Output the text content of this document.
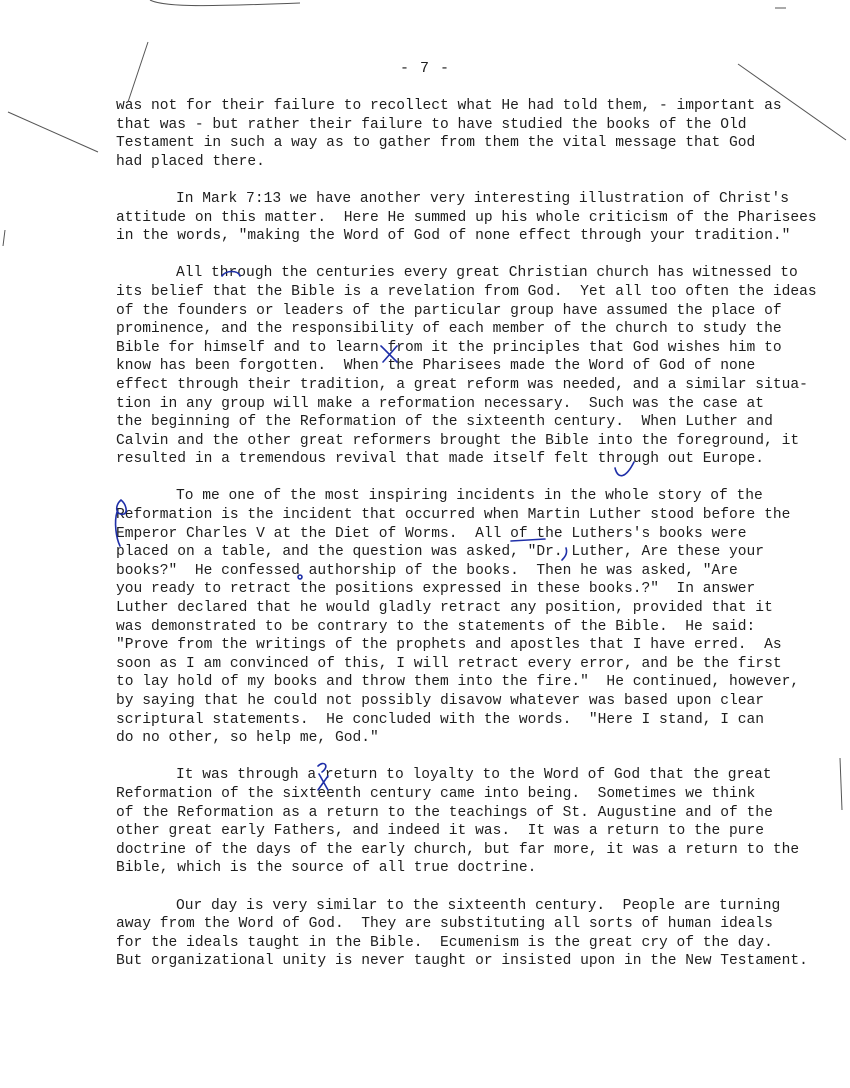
- 7 -
was not for their failure to recollect what He had told them, - important as
that was - but rather their failure to have studied the books of the Old
Testament in such a way as to gather from them the vital message that God
had placed there.
In Mark 7:13 we have another very interesting illustration of Christ's
attitude on this matter.  Here He summed up his whole criticism of the Pharisees
in the words, "making the Word of God of none effect through your tradition."
All through the centuries every great Christian church has witnessed to
its belief that the Bible is a revelation from God.  Yet all too often the ideas
of the founders or leaders of the particular group have assumed the place of
prominence, and the responsibility of each member of the church to study the
Bible for himself and to learn from it the principles that God wishes him to
know has been forgotten.  When the Pharisees made the Word of God of none
effect through their tradition, a great reform was needed, and a similar situa-
tion in any group will make a reformation necessary.  Such was the case at
the beginning of the Reformation of the sixteenth century.  When Luther and
Calvin and the other great reformers brought the Bible into the foreground, it
resulted in a tremendous revival that made itself felt through out Europe.
To me one of the most inspiring incidents in the whole story of the
Reformation is the incident that occurred when Martin Luther stood before the
Emperor Charles V at the Diet of Worms.  All of the Luthers's books were
placed on a table, and the question was asked, "Dr. Luther, Are these your
books?"  He confessed authorship of the books.  Then he was asked, "Are
you ready to retract the positions expressed in these books.?"  In answer
Luther declared that he would gladly retract any position, provided that it
was demonstrated to be contrary to the statements of the Bible.  He said:
"Prove from the writings of the prophets and apostles that I have erred.  As
soon as I am convinced of this, I will retract every error, and be the first
to lay hold of my books and throw them into the fire."  He continued, however,
by saying that he could not possibly disavow whatever was based upon clear
scriptural statements.  He concluded with the words.  "Here I stand, I can
do no other, so help me, God."
It was through a return to loyalty to the Word of God that the great
Reformation of the sixteenth century came into being.  Sometimes we think
of the Reformation as a return to the teachings of St. Augustine and of the
other great early Fathers, and indeed it was.  It was a return to the pure
doctrine of the days of the early church, but far more, it was a return to the
Bible, which is the source of all true doctrine.
Our day is very similar to the sixteenth century.  People are turning
away from the Word of God.  They are substituting all sorts of human ideals
for the ideals taught in the Bible.  Ecumenism is the great cry of the day.
But organizational unity is never taught or insisted upon in the New Testament.
